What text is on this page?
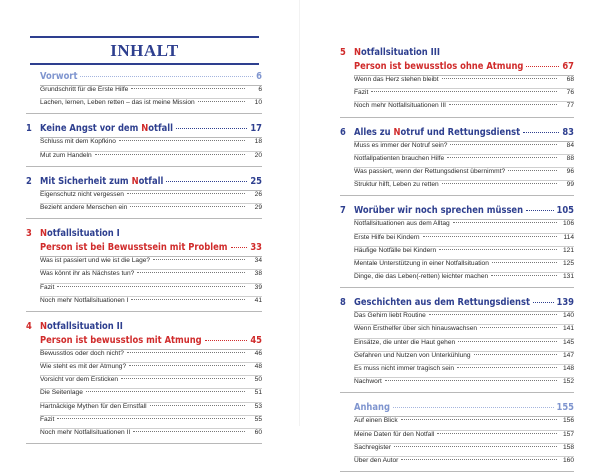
INHALT
Vorwort	6
Grundschritt für die Erste Hilfe	6
Lachen, lernen, Leben retten – das ist meine Mission	10
1 Keine Angst vor dem Notfall	17
Schluss mit dem Kopfkino	18
Mut zum Handeln	20
2 Mit Sicherheit zum Notfall	25
Eigenschutz nicht vergessen	26
Bezieht andere Menschen ein	29
3 Notfallsituation I
Person ist bei Bewusstsein mit Problem 33
Was ist passiert und wie ist die Lage?	34
Was könnt ihr als Nächstes tun?	38
Fazit	39
Noch mehr Notfallsituationen I	41
4 Notfallsituation II
Person ist bewusstlos mit Atmung	45
Bewusstlos oder doch nicht?	46
Wie steht es mit der Atmung?	48
Vorsicht vor dem Ersticken	50
Die Seitenlage	51
Hartnäckige Mythen für den Ernstfall	53
Fazit	55
Noch mehr Notfallsituationen II	60
5 Notfallsituation III
Person ist bewusstlos ohne Atmung	67
Wenn das Herz stehen bleibt	68
Fazit	76
Noch mehr Notfallsituationen III	77
6 Alles zu Notruf und Rettungsdienst	83
Muss es immer der Notruf sein?	84
Notfallpatienten brauchen Hilfe	88
Was passiert, wenn der Rettungsdienst übernimmt?	96
Struktur hilft, Leben zu retten	99
7 Worüber wir noch sprechen müssen	105
Notfallsituationen aus dem Alltag	106
Erste Hilfe bei Kindern	114
Häufige Notfälle bei Kindern	121
Mentale Unterstützung in einer Notfallsituation	125
Dinge, die das Leben(-retten) leichter machen	131
8 Geschichten aus dem Rettungsdienst	139
Das Gehirn liebt Routine	140
Wenn Ersthelfer über sich hinauswachsen	141
Einsätze, die unter die Haut gehen	145
Gefahren und Nutzen von Unterkühlung	147
Es muss nicht immer tragisch sein	148
Nachwort	152
Anhang	155
Auf einen Blick	156
Meine Daten für den Notfall	157
Sachregister	158
Über den Autor	160
